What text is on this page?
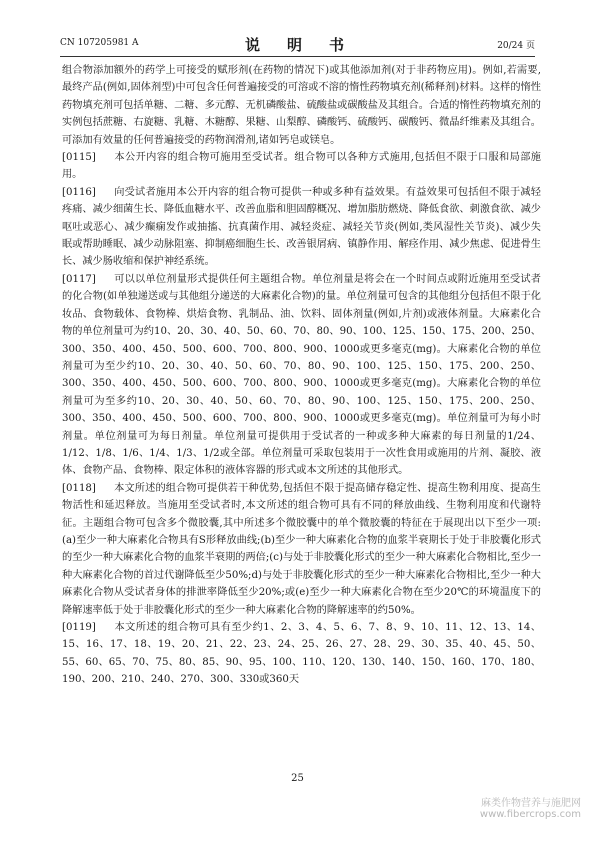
CN 107205981 A	说　明　书	20/24 页

组合物添加额外的药学上可接受的赋形剂(在药物的情况下)或其他添加剂(对于非药物应用)。例如,若需要,最终产品(例如,固体剂型)中可包含任何普遍接受的可溶或不溶的惰性药物填充剂(稀释剂)材料。这样的惰性药物填充剂可包括单糖、二糖、多元醇、无机磷酸盐、硫酸盐或碳酸盐及其组合。合适的惰性药物填充剂的实例包括蔗糖、右旋糖、乳糖、木糖醇、果糖、山梨醇、磷酸钙、硫酸钙、碳酸钙、微晶纤维素及其组合。可添加有效量的任何普遍接受的药物润滑剂,诸如钙皂或镁皂。

[0115] 本公开内容的组合物可施用至受试者。组合物可以各种方式施用,包括但不限于口服和局部施用。

[0116] 向受试者施用本公开内容的组合物可提供一种或多种有益效果。有益效果可包括但不限于减轻疼痛、减少细菌生长、降低血糖水平、改善血脂和胆固醇概况、增加脂肪燃烧、降低食欲、刺激食欲、减少呕吐或恶心、减少癫痫发作或抽搐、抗真菌作用、减轻炎症、减轻关节炎(例如,类风湿性关节炎)、减少失眠或帮助睡眠、减少动脉阻塞、抑制癌细胞生长、改善银屑病、镇静作用、解痉作用、减少焦虑、促进骨生长、减少肠收缩和保护神经系统。

[0117] 可以以单位剂量形式提供任何主题组合物。单位剂量是将会在一个时间点或附近施用至受试者的化合物(如单独递送或与其他组分递送的大麻素化合物)的量。单位剂量可包含的其他组分包括但不限于化妆品、食物载体、食物棒、烘焙食物、乳制品、油、饮料、固体剂量(例如,片剂)或液体剂量。大麻素化合物的单位剂量可为约10、20、30、40、50、60、70、80、90、100、125、150、175、200、250、300、350、400、450、500、600、700、800、900、1000或更多毫克(mg)。大麻素化合物的单位剂量可为至少约10、20、30、40、50、60、70、80、90、100、125、150、175、200、250、300、350、400、450、500、600、700、800、900、1000或更多毫克(mg)。大麻素化合物的单位剂量可为至多约10、20、30、40、50、60、70、80、90、100、125、150、175、200、250、300、350、400、450、500、600、700、800、900、1000或更多毫克(mg)。单位剂量可为每小时剂量。单位剂量可为每日剂量。单位剂量可提供用于受试者的一种或多种大麻素的每日剂量的1/24、1/12、1/8、1/6、1/4、1/3、1/2或全部。单位剂量可采取包装用于一次性食用或施用的片剂、凝胶、液体、食物产品、食物棒、限定体积的液体容器的形式或本文所述的其他形式。

[0118] 本文所述的组合物可提供若干种优势,包括但不限于提高储存稳定性、提高生物利用度、提高生物活性和延迟释放。当施用至受试者时,本文所述的组合物可具有不同的释放曲线、生物利用度和代谢特征。主题组合物可包含多个微胶囊,其中所述多个微胶囊中的单个微胶囊的特征在于展现出以下至少一项:(a)至少一种大麻素化合物具有S形释放曲线;(b)至少一种大麻素化合物的血浆半衰期长于处于非胶囊化形式的至少一种大麻素化合物的血浆半衰期的两倍;(c)与处于非胶囊化形式的至少一种大麻素化合物相比,至少一种大麻素化合物的首过代谢降低至少50%;d)与处于非胶囊化形式的至少一种大麻素化合物相比,至少一种大麻素化合物从受试者身体的排泄率降低至少20%;或(e)至少一种大麻素化合物在至少20℃的环境温度下的降解速率低于处于非胶囊化形式的至少一种大麻素化合物的降解速率的约50%。

[0119] 本文所述的组合物可具有至少约1、2、3、4、5、6、7、8、9、10、11、12、13、14、15、16、17、18、19、20、21、22、23、24、25、26、27、28、29、30、35、40、45、50、55、60、65、70、75、80、85、90、95、100、110、120、130、140、150、160、170、180、190、200、210、240、270、300、330或360天

25
麻类作物营养与施肥网
www.fibercrops.com
